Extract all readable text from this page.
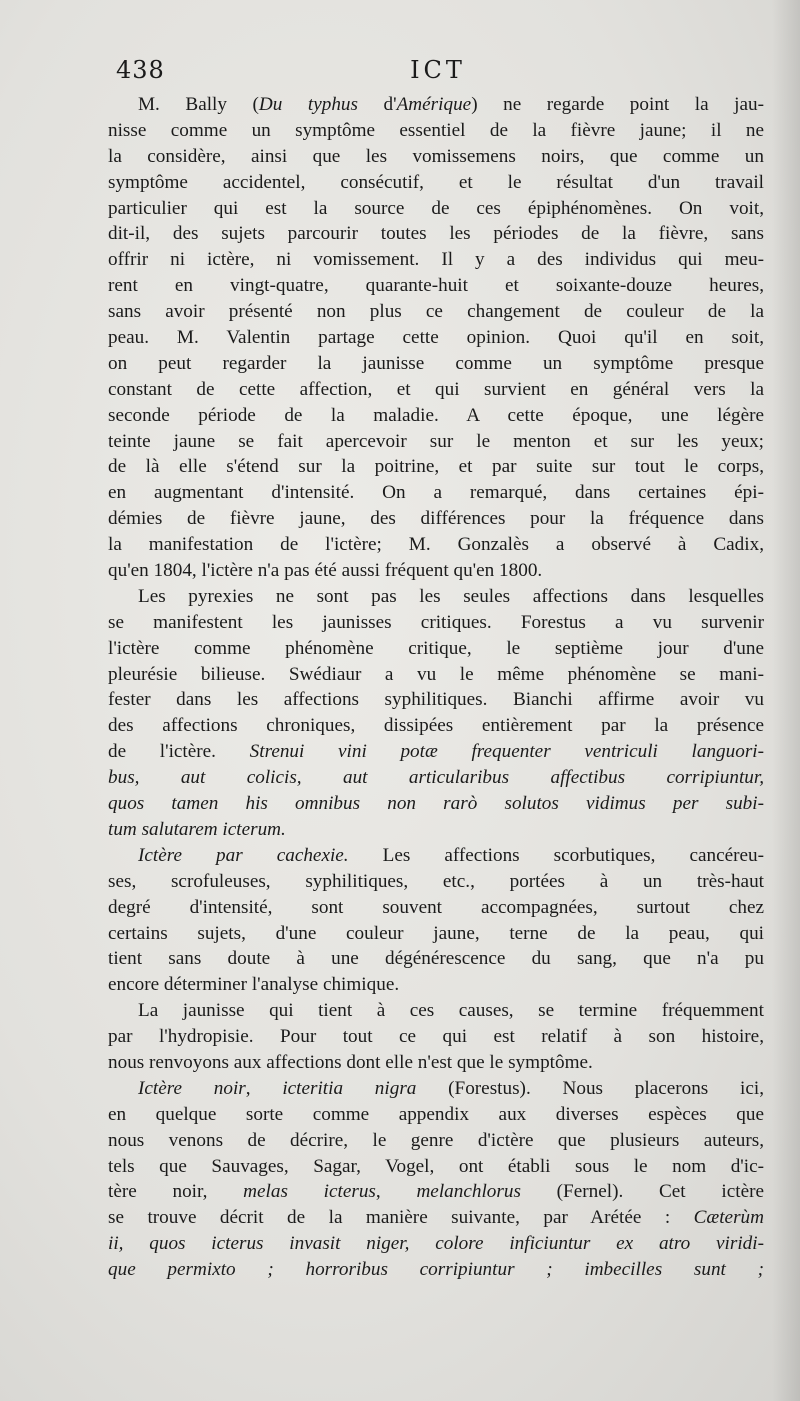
438	ICT
M. Bally (Du typhus d'Amérique) ne regarde point la jau-
nisse comme un symptôme essentiel de la fièvre jaune; il ne
la considère, ainsi que les vomissemens noirs, que comme un
symptôme accidentel, consécutif, et le résultat d'un travail
particulier qui est la source de ces épiphénomènes. On voit,
dit-il, des sujets parcourir toutes les périodes de la fièvre, sans
offrir ni ictère, ni vomissement. Il y a des individus qui meu-
rent en vingt-quatre, quarante-huit et soixante-douze heures,
sans avoir présenté non plus ce changement de couleur de la
peau. M. Valentin partage cette opinion. Quoi qu'il en soit,
on peut regarder la jaunisse comme un symptôme presque
constant de cette affection, et qui survient en général vers la
seconde période de la maladie. A cette époque, une légère
teinte jaune se fait apercevoir sur le menton et sur les yeux;
de là elle s'étend sur la poitrine, et par suite sur tout le corps,
en augmentant d'intensité. On a remarqué, dans certaines épi-
démies de fièvre jaune, des différences pour la fréquence dans
la manifestation de l'ictère; M. Gonzalès a observé à Cadix,
qu'en 1804, l'ictère n'a pas été aussi fréquent qu'en 1800.
Les pyrexies ne sont pas les seules affections dans lesquelles
se manifestent les jaunisses critiques. Forestus a vu survenir
l'ictère comme phénomène critique, le septième jour d'une
pleurésie bilieuse. Swédiaur a vu le même phénomène se mani-
fester dans les affections syphilitiques. Bianchi affirme avoir vu
des affections chroniques, dissipées entièrement par la présence
de l'ictère. Strenui vini potæ frequenter ventriculi languori-
bus, aut colicis, aut articularibus affectibus corripiuntur,
quos tamen his omnibus non rarò solutos vidimus per subi-
tum salutarem icterum.
Ictère par cachexie. Les affections scorbutiques, cancéreu-
ses, scrofuleuses, syphilitiques, etc., portées à un très-haut
degré d'intensité, sont souvent accompagnées, surtout chez
certains sujets, d'une couleur jaune, terne de la peau, qui
tient sans doute à une dégénérescence du sang, que n'a pu
encore déterminer l'analyse chimique.
La jaunisse qui tient à ces causes, se termine fréquemment
par l'hydropisie. Pour tout ce qui est relatif à son histoire,
nous renvoyons aux affections dont elle n'est que le symptôme.
Ictère noir, icteritia nigra (Forestus). Nous placerons ici,
en quelque sorte comme appendix aux diverses espèces que
nous venons de décrire, le genre d'ictère que plusieurs auteurs,
tels que Sauvages, Sagar, Vogel, ont établi sous le nom d'ic-
tère noir, melas icterus, melanchlorus (Fernel). Cet ictère
se trouve décrit de la manière suivante, par Arétée : Cæterùm
ii, quos icterus invasit niger, colore inficiuntur ex atro viridi-
que permixto ; horroribus corripiuntur ; imbecilles sunt ;
